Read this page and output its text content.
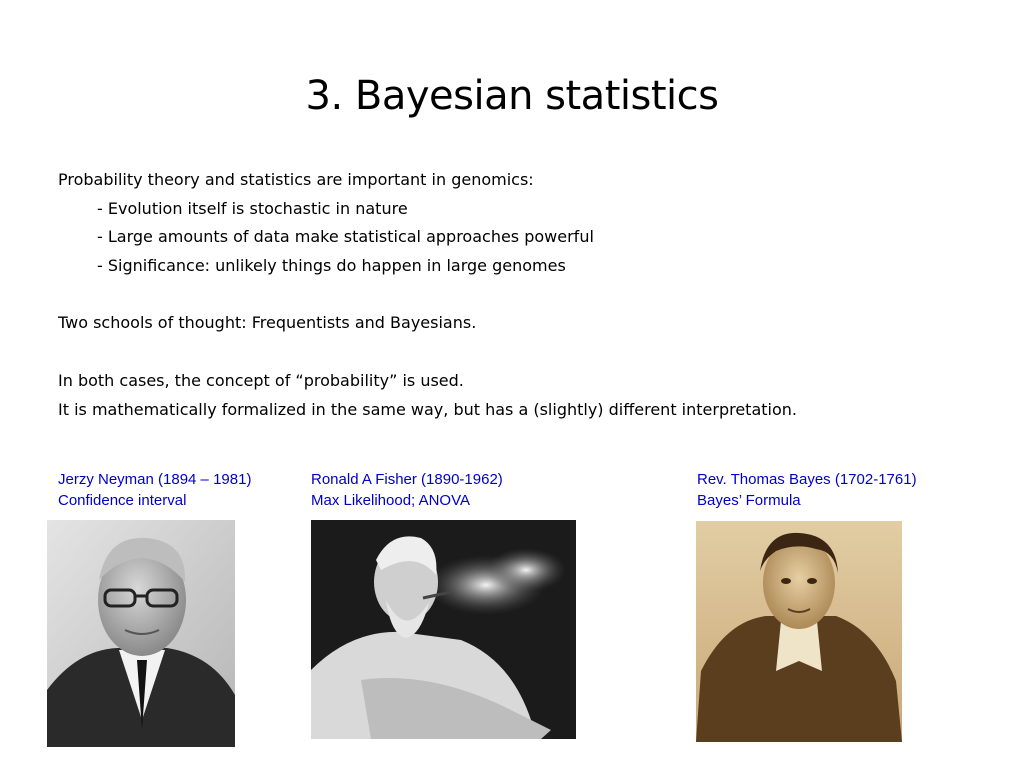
3. Bayesian statistics
Probability theory and statistics are important in genomics:
- Evolution itself is stochastic in nature
- Large amounts of data make statistical approaches powerful
- Significance: unlikely things do happen in large genomes
Two schools of thought: Frequentists and Bayesians.
In both cases, the concept of “probability” is used.
It is mathematically formalized in the same way, but has a (slightly) different interpretation.
Jerzy Neyman (1894 – 1981)
Confidence interval
Ronald A Fisher (1890-1962)
Max Likelihood; ANOVA
Rev. Thomas Bayes (1702-1761)
Bayes’ Formula
